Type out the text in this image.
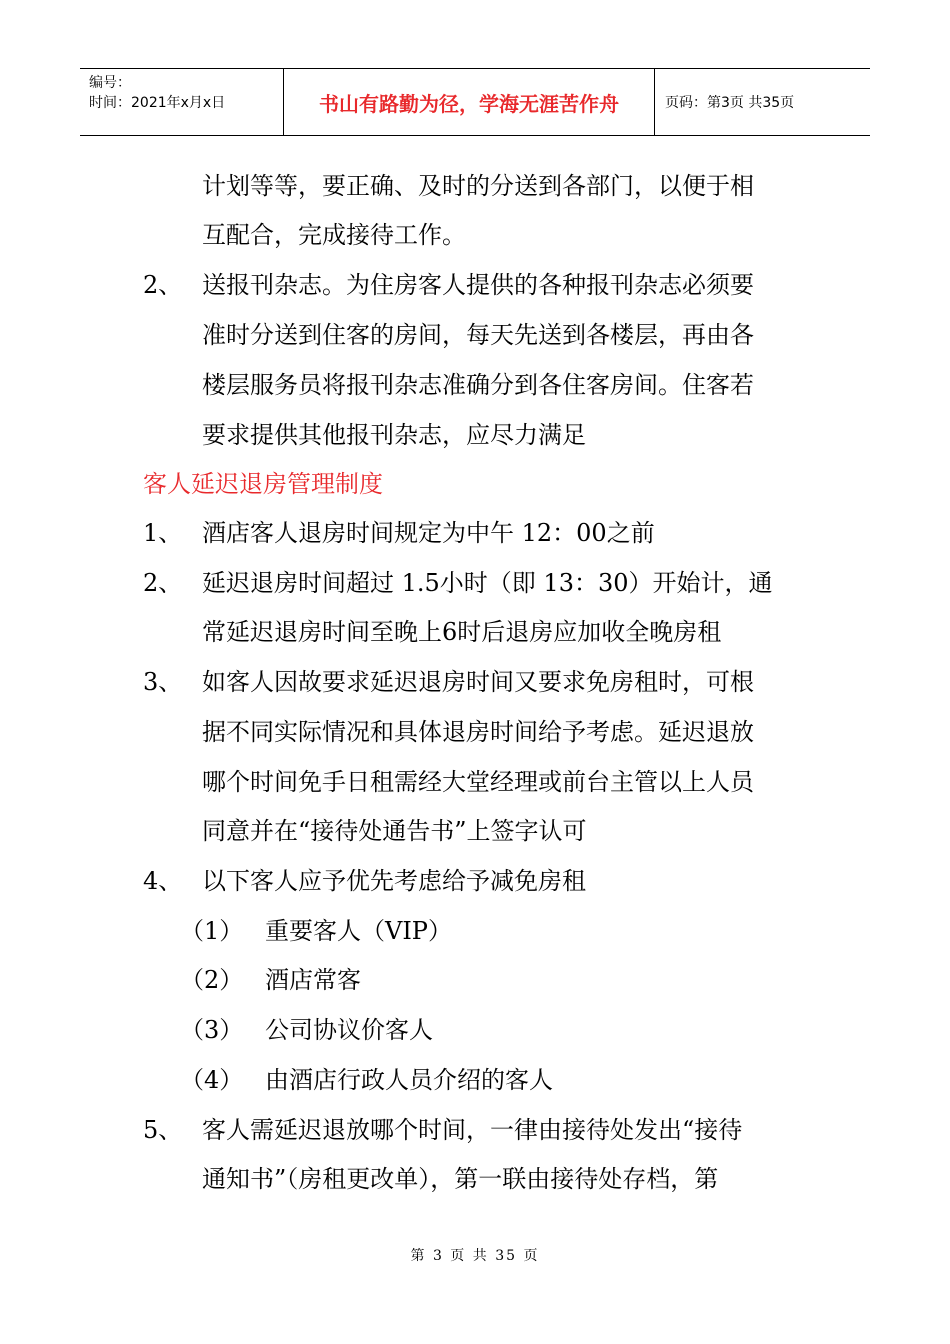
编号：
时间：2021年x月x日	书山有路勤为径，学海无涯苦作舟	页码：第3页 共35页
计划等等，要正确、及时的分送到各部门，以便于相
互配合，完成接待工作。
2、 送报刊杂志。为住房客人提供的各种报刊杂志必须要
准时分送到住客的房间，每天先送到各楼层，再由各
楼层服务员将报刊杂志准确分到各住客房间。住客若
要求提供其他报刊杂志，应尽力满足
客人延迟退房管理制度
1、 酒店客人退房时间规定为中午 12：00之前
2、 延迟退房时间超过 1.5小时（即 13：30）开始计，通
常延迟退房时间至晚上6时后退房应加收全晚房租
3、 如客人因故要求延迟退房时间又要求免房租时，可根
据不同实际情况和具体退房时间给予考虑。延迟退放
哪个时间免手日租需经大堂经理或前台主管以上人员
同意并在“接待处通告书”上签字认可
4、 以下客人应予优先考虑给予减免房租
（1） 重要客人（VIP）
（2） 酒店常客
（3） 公司协议价客人
（4） 由酒店行政人员介绍的客人
5、 客人需延迟退放哪个时间，一律由接待处发出“接待
通知书”（房租更改单），第一联由接待处存档，第
第 3 页 共 35 页
